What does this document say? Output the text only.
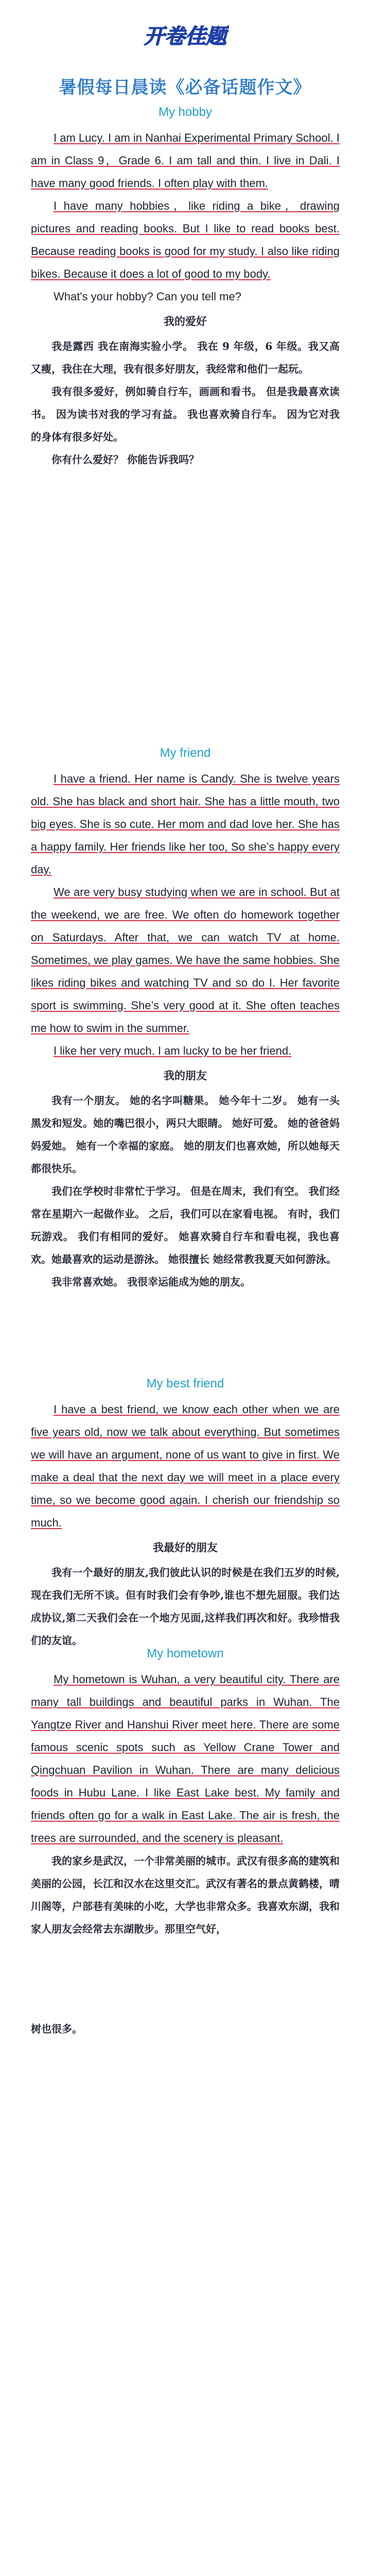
开卷佳题
暑假每日晨读《必备话题作文》
My hobby

I am Lucy. I am in Nanhai Experimental Primary School. I am in Class 9，Grade 6. I am tall and thin. I live in Dali. I have many good friends. I often play with them.

I have many hobbies，like riding a bike，drawing pictures and reading books. But I like to read books best. Because reading books is good for my study. I also like riding bikes. Because it does a lot of good to my body.

What's your hobby? Can you tell me?

我的爱好

我是露西 我在南海实验小学。 我在 9 年级，6 年级。我又高又瘦，我住在大理，我有很多好朋友，我经常和他们一起玩。

我有很多爱好，例如骑自行车，画画和看书。 但是我最喜欢读书。 因为读书对我的学习有益。 我也喜欢骑自行车。 因为它对我的身体有很多好处。

你有什么爱好？ 你能告诉我吗？

My friend

I have a friend. Her name is Candy. She is twelve years old. She has black and short hair. She has a little mouth, two big eyes. She is so cute. Her mom and dad love her. She has a happy family. Her friends like her too, So she’s happy every day.

We are very busy studying when we are in school. But at the weekend, we are free. We often do homework together on Saturdays. After that, we can watch TV at home. Sometimes, we play games. We have the same hobbies. She likes riding bikes and watching TV and so do I. Her favorite sport is swimming. She’s very good at it. She often teaches me how to swim in the summer.

I like her very much. I am lucky to be her friend.

我的朋友

我有一个朋友。 她的名字叫糖果。 她今年十二岁。 她有一头黑发和短发。她的嘴巴很小，两只大眼睛。 她好可爱。 她的爸爸妈妈爱她。 她有一个幸福的家庭。 她的朋友们也喜欢她，所以她每天都很快乐。

我们在学校时非常忙于学习。 但是在周末，我们有空。 我们经常在星期六一起做作业。 之后，我们可以在家看电视。 有时，我们玩游戏。 我们有相同的爱好。 她喜欢骑自行车和看电视，我也喜欢。她最喜欢的运动是游泳。 她很擅长 她经常教我夏天如何游泳。

我非常喜欢她。 我很幸运能成为她的朋友。

My best friend

I have a best friend, we know each other when we are five years old, now we talk about everything. But sometimes we will have an argument, none of us want to give in first. We make a deal that the next day we will meet in a place every time, so we become good again. I cherish our friendship so much.

我最好的朋友

我有一个最好的朋友,我们彼此认识的时候是在我们五岁的时候,现在我们无所不谈。但有时我们会有争吵,谁也不想先屈服。我们达成协议,第二天我们会在一个地方见面,这样我们再次和好。我珍惜我们的友谊。

My hometown

My hometown is Wuhan, a very beautiful city. There are many tall buildings and beautiful parks in Wuhan. The Yangtze River and Hanshui River meet here. There are some famous scenic spots such as Yellow Crane Tower and Qingchuan Pavilion in Wuhan. There are many delicious foods in Hubu Lane. I like East Lake best. My family and friends often go for a walk in East Lake. The air is fresh, the trees are surrounded, and the scenery is pleasant.

我的家乡是武汉，一个非常美丽的城市。武汉有很多高的建筑和美丽的公园，长江和汉水在这里交汇。武汉有著名的景点黄鹤楼，晴川阁等，户部巷有美味的小吃，大学也非常众多。我喜欢东湖，我和家人朋友会经常去东湖散步。那里空气好，

树也很多。
